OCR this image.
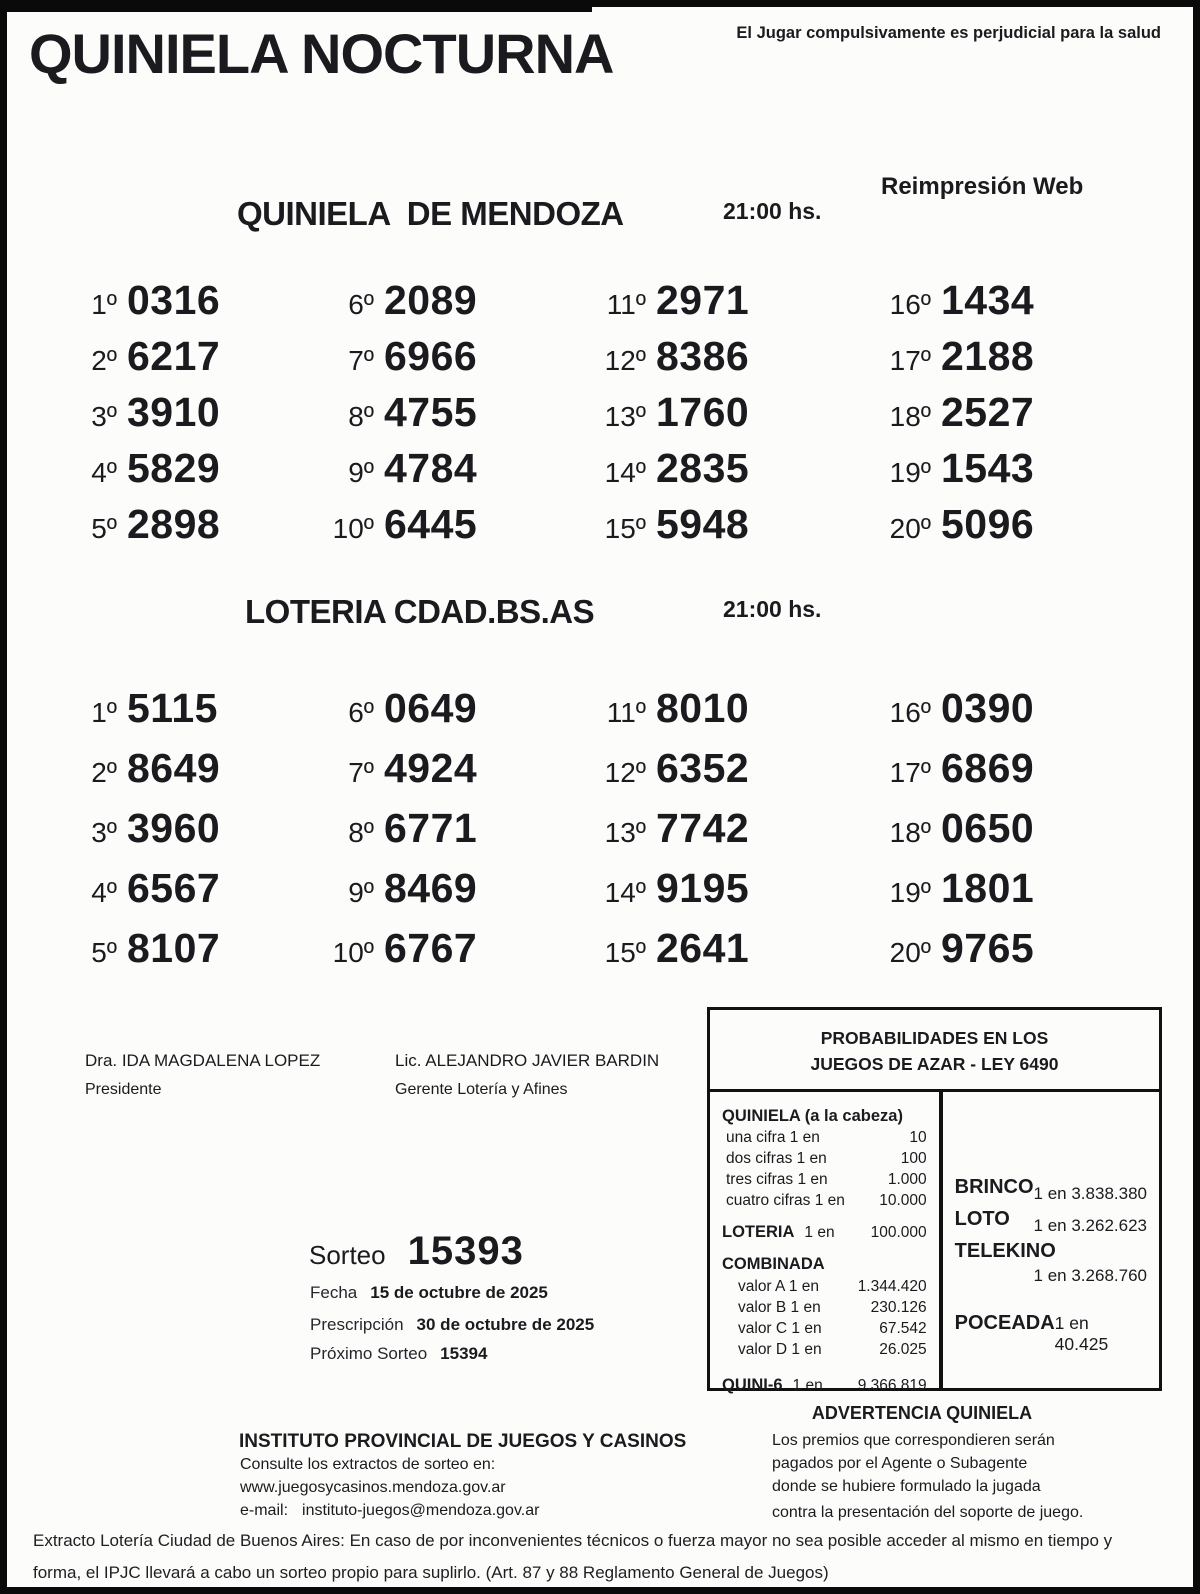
QUINIELA NOCTURNA	El Jugar compulsivamente es perjudicial para la salud
QUINIELA  DE MENDOZA	21:00 hs.
Reimpresión Web
1º 0316
2º 6217
3º 3910
4º 5829
5º 2898
6º 2089
7º 6966
8º 4755
9º 4784
10º 6445
11º 2971
12º 8386
13º 1760
14º 2835
15º 5948
16º 1434
17º 2188
18º 2527
19º 1543
20º 5096
LOTERIA CDAD.BS.AS	21:00 hs.
1º 5115
2º 8649
3º 3960
4º 6567
5º 8107
6º 0649
7º 4924
8º 6771
9º 8469
10º 6767
11º 8010
12º 6352
13º 7742
14º 9195
15º 2641
16º 0390
17º 6869
18º 0650
19º 1801
20º 9765
Dra. IDA MAGDALENA LOPEZ
Presidente
Lic. ALEJANDRO JAVIER BARDIN
Gerente Lotería y Afines
PROBABILIDADES EN LOS
JUEGOS DE AZAR - LEY 6490
QUINIELA (a la cabeza)
una cifra 1 en	10
dos cifras 1 en	100
tres cifras 1 en	1.000
cuatro cifras 1 en 10.000
LOTERIA 1 en 100.000
COMBINADA
valor A 1 en 1.344.420
valor B 1 en	230.126
valor C 1 en	67.542
valor D 1 en	26.025
QUINI-6 1 en 9.366.819
BRINCO 1 en 3.838.380
LOTO 1 en 3.262.623
TELEKINO
1 en 3.268.760
POCEADA 1 en 40.425
Sorteo 15393
Fecha 15 de octubre de 2025
Prescripción 30 de octubre de 2025
Próximo Sorteo 15394
INSTITUTO PROVINCIAL DE JUEGOS Y CASINOS
Consulte los extractos de sorteo en:
www.juegosycasinos.mendoza.gov.ar
e-mail: instituto-juegos@mendoza.gov.ar
ADVERTENCIA QUINIELA
Los premios que correspondieren serán
pagados por el Agente o Subagente
donde se hubiere formulado la jugada
contra la presentación del soporte de juego.
Extracto Lotería Ciudad de Buenos Aires: En caso de por inconvenientes técnicos o fuerza mayor no sea posible acceder al mismo en tiempo y
forma, el IPJC llevará a cabo un sorteo propio para suplirlo. (Art. 87 y 88 Reglamento General de Juegos)
